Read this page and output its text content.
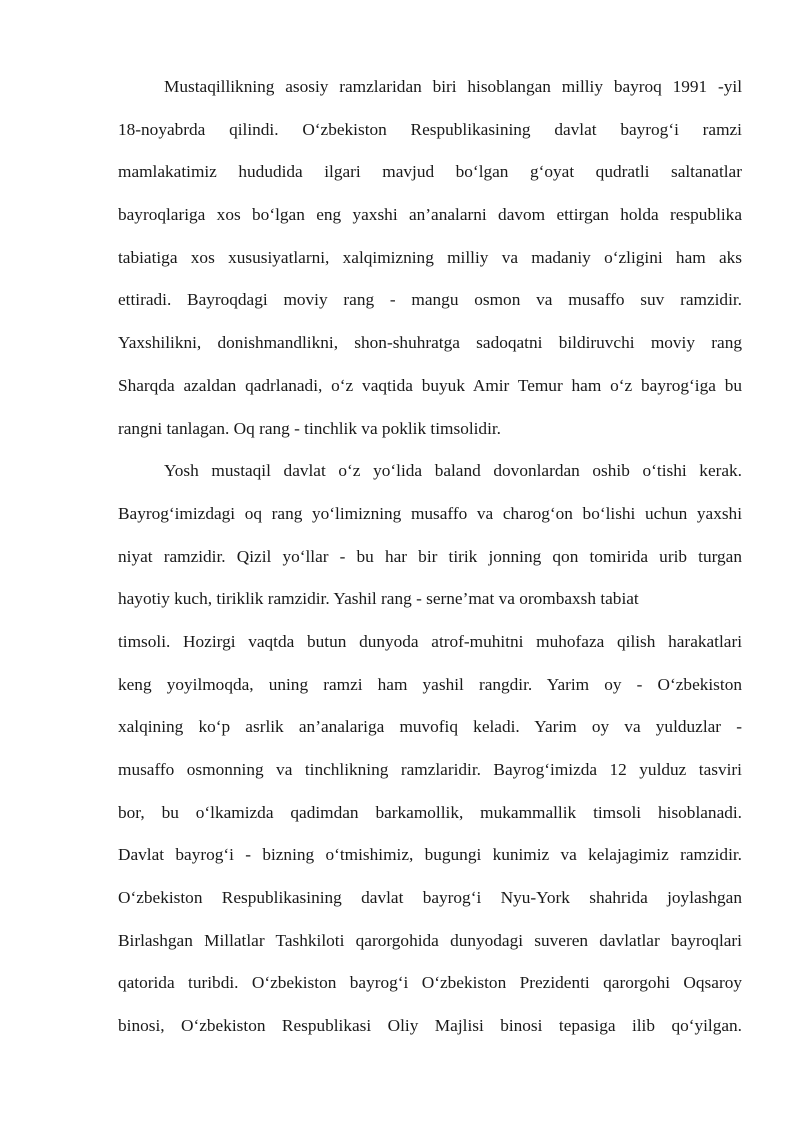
Mustaqillikning asosiy ramzlaridan biri hisoblangan milliy bayroq 1991 -yil
18-noyabrda qilindi. O‘zbekiston Respublikasining davlat bayrog‘i ramzi
mamlakatimiz hududida ilgari mavjud bo‘lgan g‘oyat qudratli saltanatlar
bayroqlariga xos bo‘lgan eng yaxshi an’analarni davom ettirgan holda respublika
tabiatiga xos xususiyatlarni, xalqimizning milliy va madaniy o‘zligini ham aks
ettiradi. Bayroqdagi moviy rang - mangu osmon va musaffo suv ramzidir.
Yaxshilikni, donishmandlikni, shon-shuhratga sadoqatni bildiruvchi moviy rang
Sharqda azaldan qadrlanadi, o‘z vaqtida buyuk Amir Temur ham o‘z bayrog‘iga bu
rangni tanlagan. Oq rang - tinchlik va poklik timsolidir.
Yosh mustaqil davlat o‘z yo‘lida baland dovonlardan oshib o‘tishi kerak.
Bayrog‘imizdagi oq rang yo‘limizning musaffo va charog‘on bo‘lishi uchun yaxshi
niyat ramzidir. Qizil yo‘llar - bu har bir tirik jonning qon tomirida urib turgan
hayotiy kuch, tiriklik ramzidir. Yashil rang - serne’mat va orombaxsh tabiat
timsoli. Hozirgi vaqtda butun dunyoda atrof-muhitni muhofaza qilish harakatlari
keng yoyilmoqda, uning ramzi ham yashil rangdir. Yarim oy - O‘zbekiston
xalqining ko‘p asrlik an’analariga muvofiq keladi. Yarim oy va yulduzlar -
musaffo osmonning va tinchlikning ramzlaridir. Bayrog‘imizda 12 yulduz tasviri
bor, bu o‘lkamizda qadimdan barkamollik, mukammallik timsoli hisoblanadi.
Davlat bayrog‘i - bizning o‘tmishimiz, bugungi kunimiz va kelajagimiz ramzidir.
O‘zbekiston Respublikasining davlat bayrog‘i Nyu-York shahrida joylashgan
Birlashgan Millatlar Tashkiloti qarorgohida dunyodagi suveren davlatlar bayroqlari
qatorida turibdi. O‘zbekiston bayrog‘i O‘zbekiston Prezidenti qarorgohi Oqsaroy
binosi, O‘zbekiston Respublikasi Oliy Majlisi binosi tepasiga ilib qo‘yilgan.
